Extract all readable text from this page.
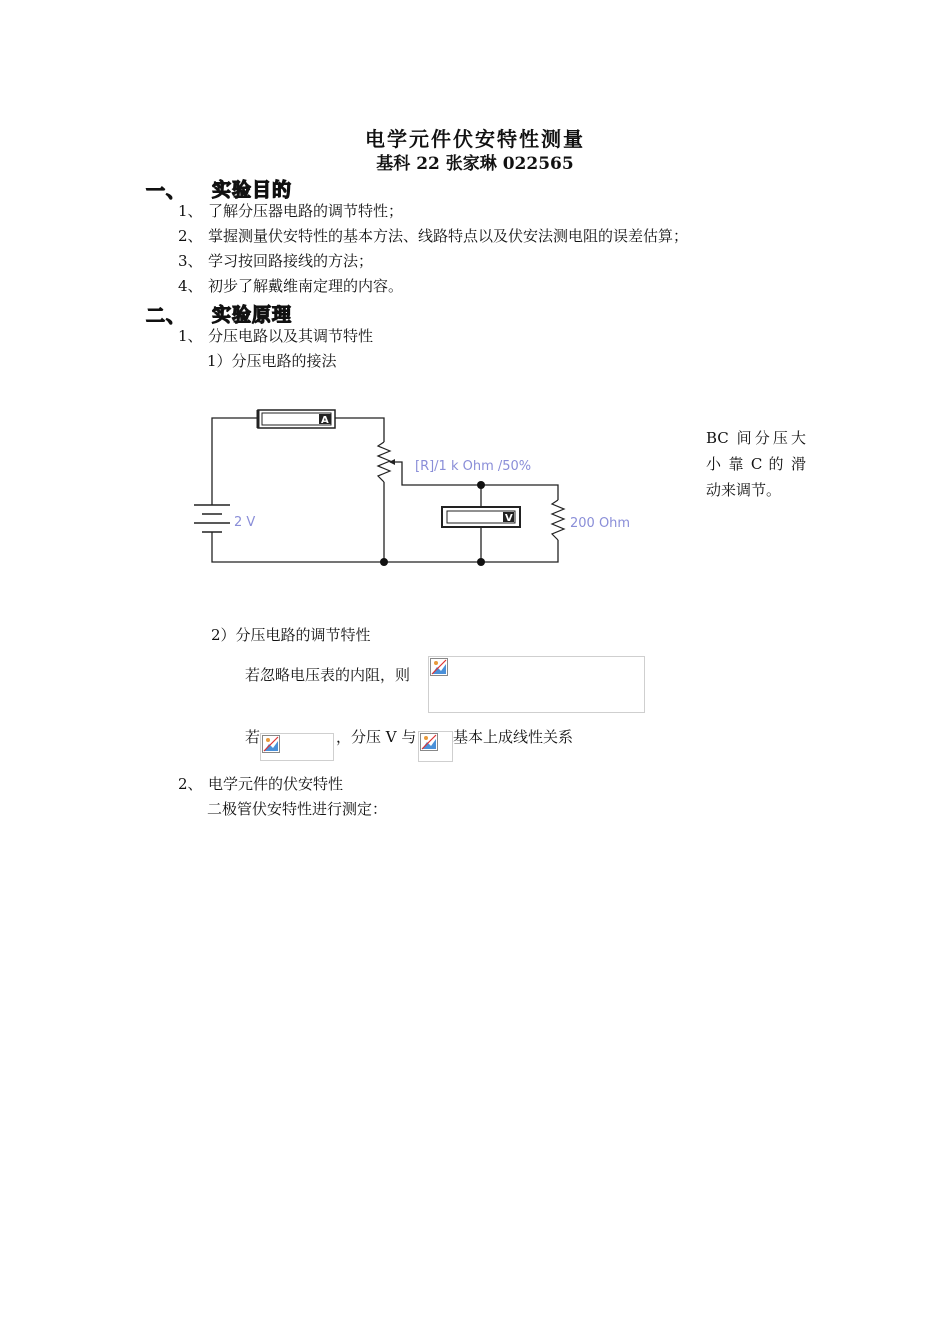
电学元件伏安特性测量
基科 22 张家琳 022565
一、 实验目的
1、 了解分压器电路的调节特性；
2、 掌握测量伏安特性的基本方法、线路特点以及伏安法测电阻的误差估算；
3、 学习按回路接线的方法；
4、 初步了解戴维南定理的内容。
二、 实验原理
1、 分压电路以及其调节特性
1）分压电路的接法
2 V
A
[R]/1 k Ohm /50%
V	200 Ohm
BC 间分压大
小 靠 C 的 滑
动来调节。
2）分压电路的调节特性
若忽略电压表的内阻，则
若	，分压 V 与 基本上成线性关系
2、 电学元件的伏安特性
二极管伏安特性进行测定：
